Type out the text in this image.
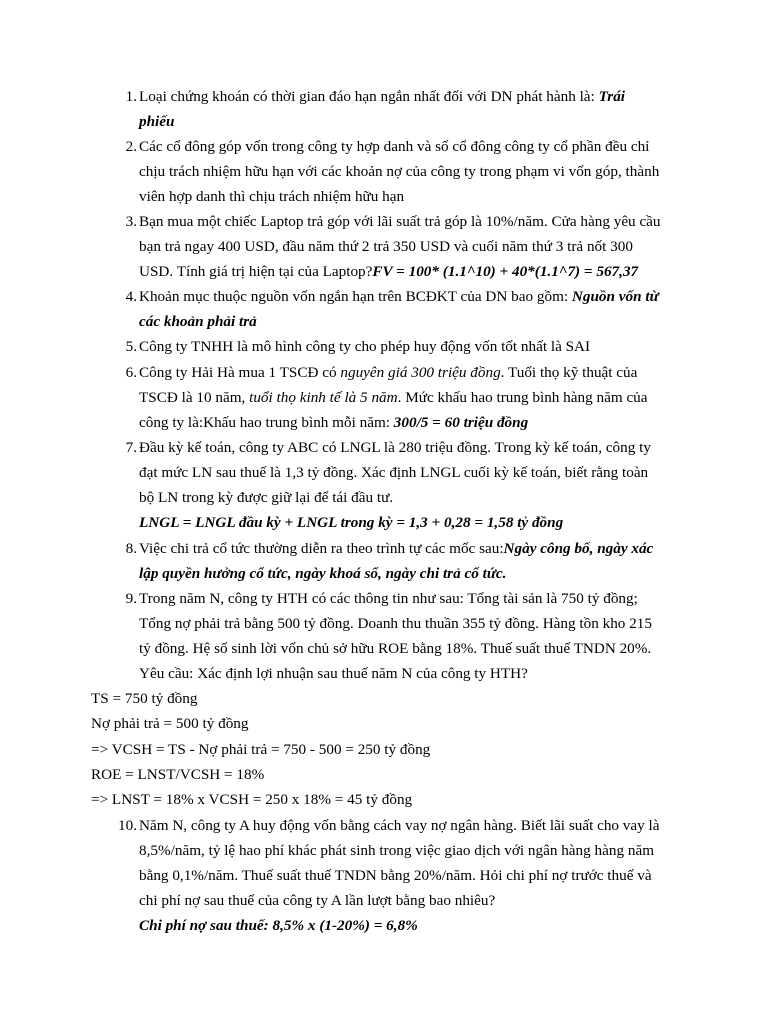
1. Loại chứng khoán có thời gian đáo hạn ngắn nhất đối với DN phát hành là: Trái
phiếu
2. Các cổ đông góp vốn trong công ty hợp danh và số cổ đông công ty cổ phần đều chỉ
chịu trách nhiệm hữu hạn với các khoản nợ của công ty trong phạm vi vốn góp, thành
viên hợp danh thì chịu trách nhiệm hữu hạn
3. Bạn mua một chiếc Laptop trả góp với lãi suất trả góp là 10%/năm. Cửa hàng yêu cầu
bạn trả ngay 400 USD, đầu năm thứ 2 trả 350 USD và cuối năm thứ 3 trả nốt 300
USD. Tính giá trị hiện tại của Laptop?FV = 100* (1.1^10) + 40*(1.1^7) = 567,37
4. Khoản mục thuộc nguồn vốn ngắn hạn trên BCĐKT của DN bao gồm: Nguồn vốn từ
các khoản phải trả
5. Công ty TNHH là mô hình công ty cho phép huy động vốn tốt nhất là SAI
6. Công ty Hải Hà mua 1 TSCĐ có nguyên giá 300 triệu đồng. Tuổi thọ kỹ thuật của
TSCĐ là 10 năm, tuổi thọ kinh tế là 5 năm. Mức khấu hao trung bình hàng năm của
công ty là:Khấu hao trung bình mỗi năm: 300/5 = 60 triệu đồng
7. Đầu kỳ kế toán, công ty ABC có LNGL là 280 triệu đồng. Trong kỳ kế toán, công ty
đạt mức LN sau thuế là 1,3 tỷ đồng. Xác định LNGL cuối kỳ kế toán, biết rằng toàn
bộ LN trong kỳ được giữ lại để tái đầu tư.
LNGL = LNGL đầu kỳ + LNGL trong kỳ = 1,3 + 0,28 = 1,58 tỷ đồng
8. Việc chi trả cổ tức thường diễn ra theo trình tự các mốc sau:Ngày công bố, ngày xác
lập quyền hưởng cổ tức, ngày khoá sổ, ngày chi trả cổ tức.
9. Trong năm N, công ty HTH có các thông tin như sau: Tổng tài sản là 750 tỷ đồng;
Tổng nợ phải trả bằng 500 tỷ đồng. Doanh thu thuần 355 tỷ đồng. Hàng tồn kho 215
tỷ đồng. Hệ số sinh lời vốn chủ sở hữu ROE bằng 18%. Thuế suất thuế TNDN 20%.
Yêu cầu: Xác định lợi nhuận sau thuế năm N của công ty HTH?
TS = 750 tỷ đồng
Nợ phải trả = 500 tỷ đồng
=> VCSH = TS - Nợ phải trả = 750 - 500 = 250 tỷ đồng
ROE = LNST/VCSH = 18%
=> LNST = 18% x VCSH = 250 x 18% = 45 tỷ đồng
10. Năm N, công ty A huy động vốn bằng cách vay nợ ngân hàng. Biết lãi suất cho vay là
8,5%/năm, tỷ lệ hao phí khác phát sinh trong việc giao dịch với ngân hàng hàng năm
bằng 0,1%/năm. Thuế suất thuế TNDN bằng 20%/năm. Hỏi chi phí nợ trước thuế và
chi phí nợ sau thuế của công ty A lần lượt bằng bao nhiêu?
Chi phí nợ sau thuế: 8,5% x (1-20%) = 6,8%
